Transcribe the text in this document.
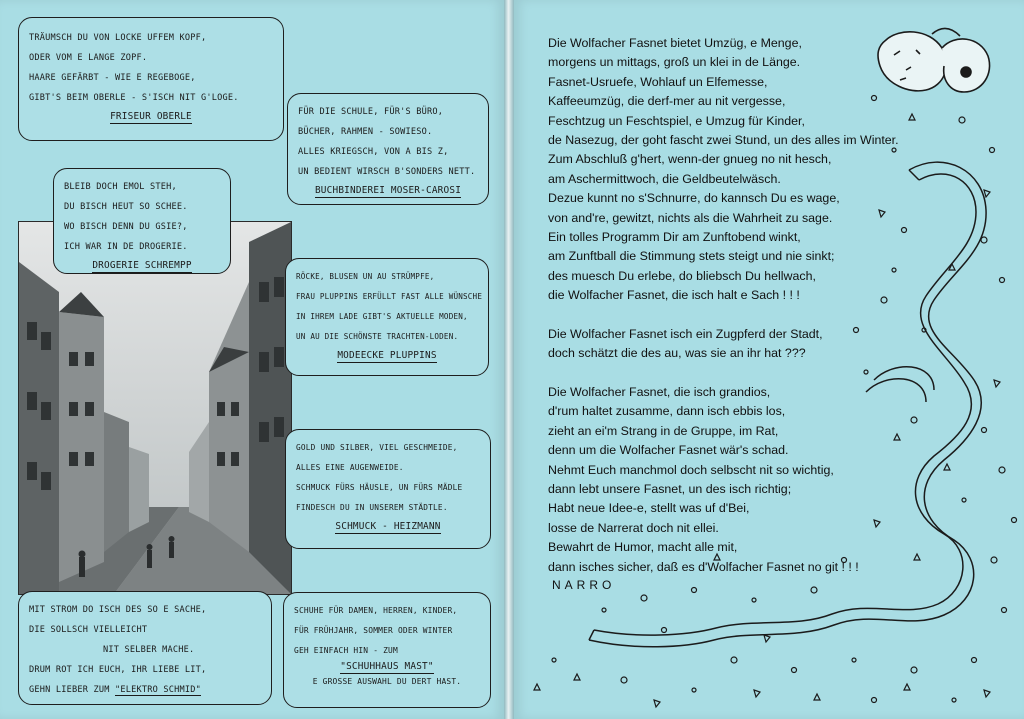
TRÄUMSCH DU VON LOCKE UFFEM KOPF,
ODER VOM E LANGE ZOPF.
HAARE GEFÄRBT - WIE E REGEBOGE,
GIBT'S BEIM OBERLE - S'ISCH NIT G'LOGE.
FRISEUR OBERLE	FÜR DIE SCHULE, FÜR'S BÜRO,
BÜCHER, RAHMEN - SOWIESO.
ALLES KRIEGSCH, VON A BIS Z,
UN BEDIENT WIRSCH B'SONDERS NETT.
BUCHBINDEREI MOSER-CAROSI
BLEIB DOCH EMOL STEH,
DU BISCH HEUT SO SCHEE.
WO BISCH DENN DU GSIE?,
ICH WAR IN DE DROGERIE.
DROGERIE SCHREMPP
RÖCKE, BLUSEN UN AU STRÜMPFE,
FRAU PLUPPINS ERFÜLLT FAST ALLE WÜNSCHE
IN IHREM LADE GIBT'S AKTUELLE MODEN,
UN AU DIE SCHÖNSTE TRACHTEN-LODEN.
MODEECKE PLUPPINS
GOLD UND SILBER, VIEL GESCHMEIDE,
ALLES EINE AUGENWEIDE.
SCHMUCK FÜRS HÄUSLE, UN FÜRS MÄDLE
FINDESCH DU IN UNSEREM STÄDTLE.
SCHMUCK - HEIZMANN
MIT STROM DO ISCH DES SO E SACHE,
DIE SOLLSCH VIELLEICHT
NIT SELBER MACHE.
DRUM ROT ICH EUCH, IHR LIEBE LIT,
GEHN LIEBER ZUM "ELEKTRO SCHMID"
SCHUHE FÜR DAMEN, HERREN, KINDER,
FÜR FRÜHJAHR, SOMMER ODER WINTER
GEH EINFACH HIN - ZUM
"SCHUHHAUS MAST"
E GROSSE AUSWAHL DU DERT HAST.
Die Wolfacher Fasnet bietet Umzüg, e Menge,
morgens un mittags, groß un klei in de Länge.
Fasnet-Usruefe, Wohlauf un Elfemesse,
Kaffeeumzüg, die derf-mer au nit vergesse,
Feschtzug un Feschtspiel, e Umzug für Kinder,
de Nasezug, der goht fascht zwei Stund, un des alles im Winter.
Zum Abschluß g'hert, wenn-der gnueg no nit hesch,
am Aschermittwoch, die Geldbeutelwäsch.
Dezue kunnt no s'Schnurre, do kannsch Du es wage,
von and're, gewitzt, nichts als die Wahrheit zu sage.
Ein tolles Programm Dir am Zunftobend winkt,
am Zunftball die Stimmung stets steigt und nie sinkt;
des muesch Du erlebe, do bliebsch Du hellwach,
die Wolfacher Fasnet, die isch halt e Sach ! ! !
Die Wolfacher Fasnet isch ein Zugpferd der Stadt,
doch schätzt die des au, was sie an ihr hat ???
Die Wolfacher Fasnet, die isch grandios,
d'rum haltet zusamme, dann isch ebbis los,
zieht an ei'm Strang in de Gruppe, im Rat,
denn um die Wolfacher Fasnet wär's schad.
Nehmt Euch manchmol doch selbscht nit so wichtig,
dann lebt unsere Fasnet, un des isch richtig;
Habt neue Idee-e, stellt was uf d'Bei,
losse de Narrerat doch nit ellei.
Bewahrt de Humor, macht alle mit,
dann isches sicher, daß es d'Wolfacher Fasnet no git ! ! !
NARRO
